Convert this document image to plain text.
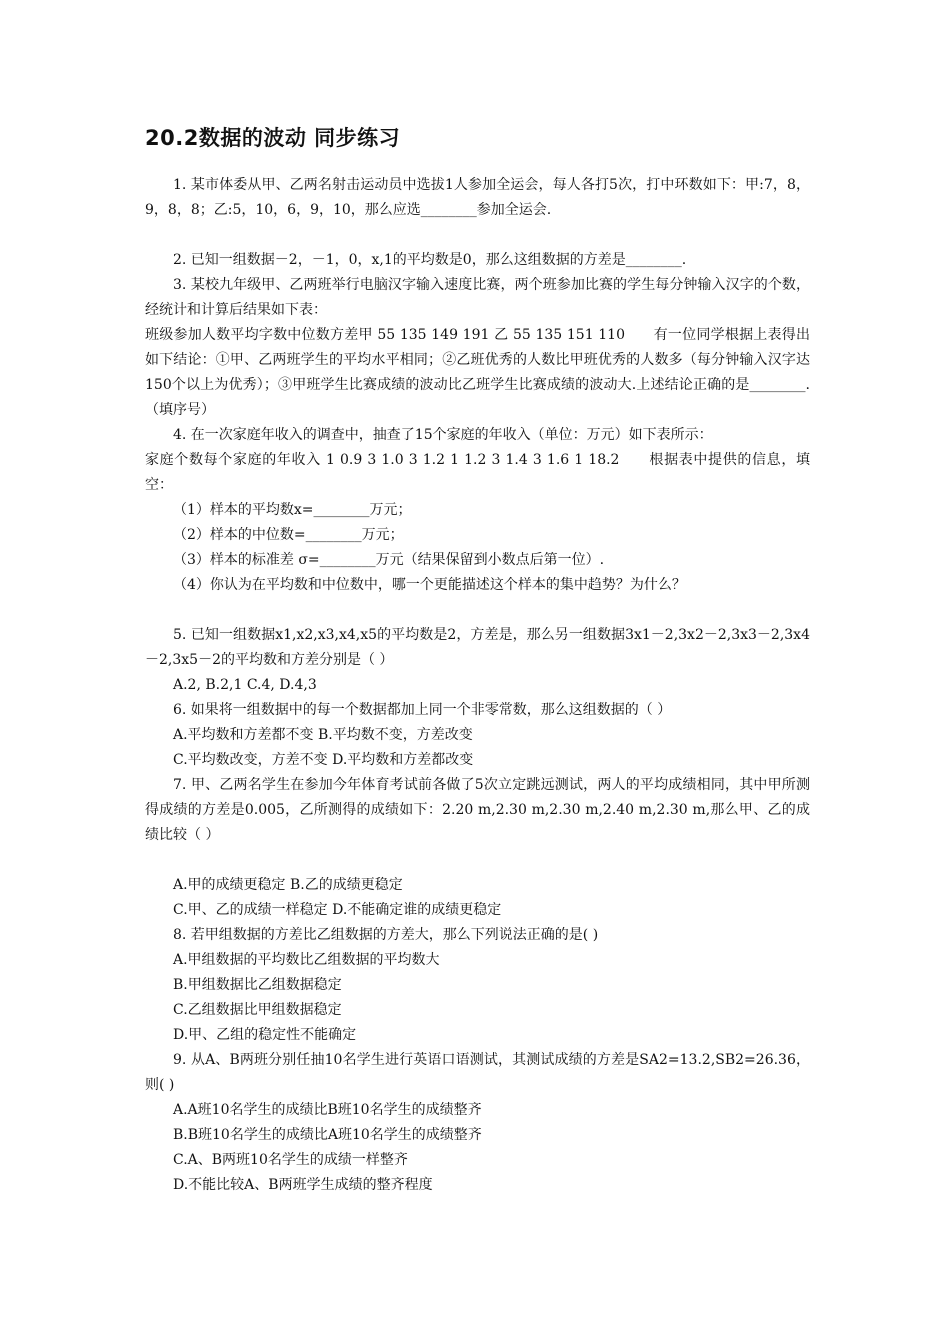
20.2数据的波动 同步练习
1. 某市体委从甲、乙两名射击运动员中选拔1人参加全运会，每人各打5次，打中环数如下：甲:7，8，9，8，8；乙:5，10，6，9，10，那么应选________参加全运会.
2. 已知一组数据－2，－1，0，x,1的平均数是0，那么这组数据的方差是________.
3. 某校九年级甲、乙两班举行电脑汉字输入速度比赛，两个班参加比赛的学生每分钟输入汉字的个数，经统计和计算后结果如下表：
班级参加人数平均字数中位数方差甲 55 135 149 191 乙 55 135 151 110　　有一位同学根据上表得出如下结论：①甲、乙两班学生的平均水平相同；②乙班优秀的人数比甲班优秀的人数多（每分钟输入汉字达150个以上为优秀）；③甲班学生比赛成绩的波动比乙班学生比赛成绩的波动大.上述结论正确的是________.（填序号）
4. 在一次家庭年收入的调查中，抽查了15个家庭的年收入（单位：万元）如下表所示：
家庭个数每个家庭的年收入 1 0.9 3 1.0 3 1.2 1 1.2 3 1.4 3 1.6 1 18.2　　根据表中提供的信息，填空：
（1）样本的平均数x=________万元；
（2）样本的中位数=________万元；
（3）样本的标准差 σ=________万元（结果保留到小数点后第一位）.
（4）你认为在平均数和中位数中，哪一个更能描述这个样本的集中趋势？为什么？
5. 已知一组数据x1,x2,x3,x4,x5的平均数是2，方差是，那么另一组数据3x1－2,3x2－2,3x3－2,3x4－2,3x5－2的平均数和方差分别是（ ）
A.2, B.2,1 C.4, D.4,3
6. 如果将一组数据中的每一个数据都加上同一个非零常数，那么这组数据的（ ）
A.平均数和方差都不变 B.平均数不变，方差改变
C.平均数改变，方差不变 D.平均数和方差都改变
7. 甲、乙两名学生在参加今年体育考试前各做了5次立定跳远测试，两人的平均成绩相同，其中甲所测得成绩的方差是0.005，乙所测得的成绩如下：2.20 m,2.30 m,2.30 m,2.40 m,2.30 m,那么甲、乙的成绩比较（ ）
A.甲的成绩更稳定 B.乙的成绩更稳定
C.甲、乙的成绩一样稳定 D.不能确定谁的成绩更稳定
8. 若甲组数据的方差比乙组数据的方差大，那么下列说法正确的是( )
A.甲组数据的平均数比乙组数据的平均数大
B.甲组数据比乙组数据稳定
C.乙组数据比甲组数据稳定
D.甲、乙组的稳定性不能确定
9. 从A、B两班分别任抽10名学生进行英语口语测试，其测试成绩的方差是SA2=13.2,SB2=26.36，则( )
A.A班10名学生的成绩比B班10名学生的成绩整齐
B.B班10名学生的成绩比A班10名学生的成绩整齐
C.A、B两班10名学生的成绩一样整齐
D.不能比较A、B两班学生成绩的整齐程度
